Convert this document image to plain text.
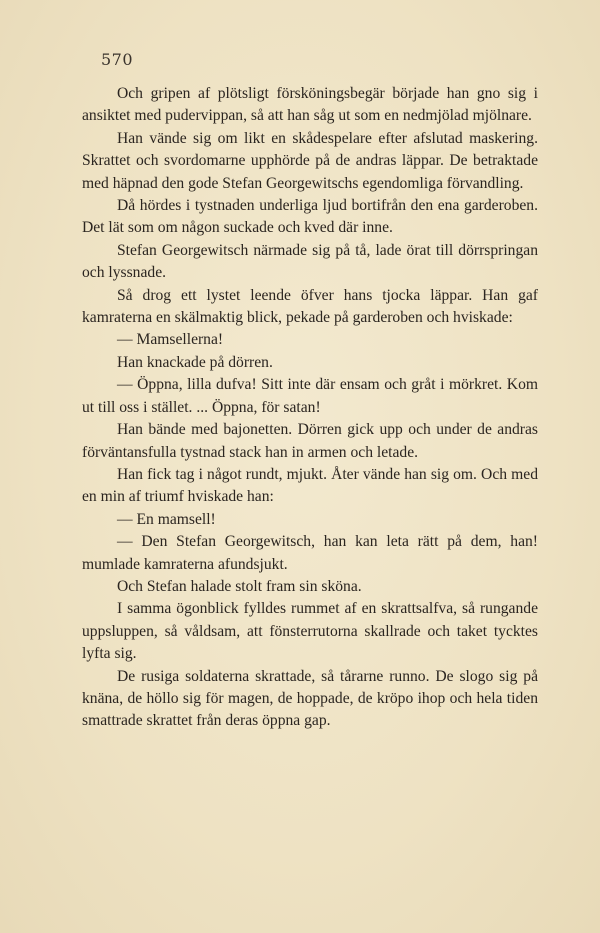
570

Och gripen af plötsligt försköningsbegär började han gno sig i ansiktet med pudervippan, så att han såg ut som en nedmjölad mjölnare.

Han vände sig om likt en skådespelare efter afslutad maskering. Skrattet och svordomarne upphörde på de andras läppar. De betraktade med häpnad den gode Stefan Georgewitschs egendomliga förvandling.

Då hördes i tystnaden underliga ljud bortifrån den ena garderoben. Det lät som om någon suckade och kved där inne.

Stefan Georgewitsch närmade sig på tå, lade örat till dörrspringan och lyssnade.

Så drog ett lystet leende öfver hans tjocka läppar. Han gaf kamraterna en skälmaktig blick, pekade på garderoben och hviskade:

— Mamsellerna!

Han knackade på dörren.

— Öppna, lilla dufva! Sitt inte där ensam och gråt i mörkret. Kom ut till oss i stället. ... Öppna, för satan!

Han bände med bajonetten. Dörren gick upp och under de andras förväntansfulla tystnad stack han in armen och letade.

Han fick tag i något rundt, mjukt. Åter vände han sig om. Och med en min af triumf hviskade han:

— En mamsell!

— Den Stefan Georgewitsch, han kan leta rätt på dem, han! mumlade kamraterna afundsjukt.

Och Stefan halade stolt fram sin sköna.

I samma ögonblick fylldes rummet af en skrattsalfva, så rungande uppsluppen, så våldsam, att fönsterrutorna skallrade och taket tycktes lyfta sig.

De rusiga soldaterna skrattade, så tårarne runno. De slogo sig på knäna, de höllo sig för magen, de hoppade, de kröpo ihop och hela tiden smattrade skrattet från deras öppna gap.
